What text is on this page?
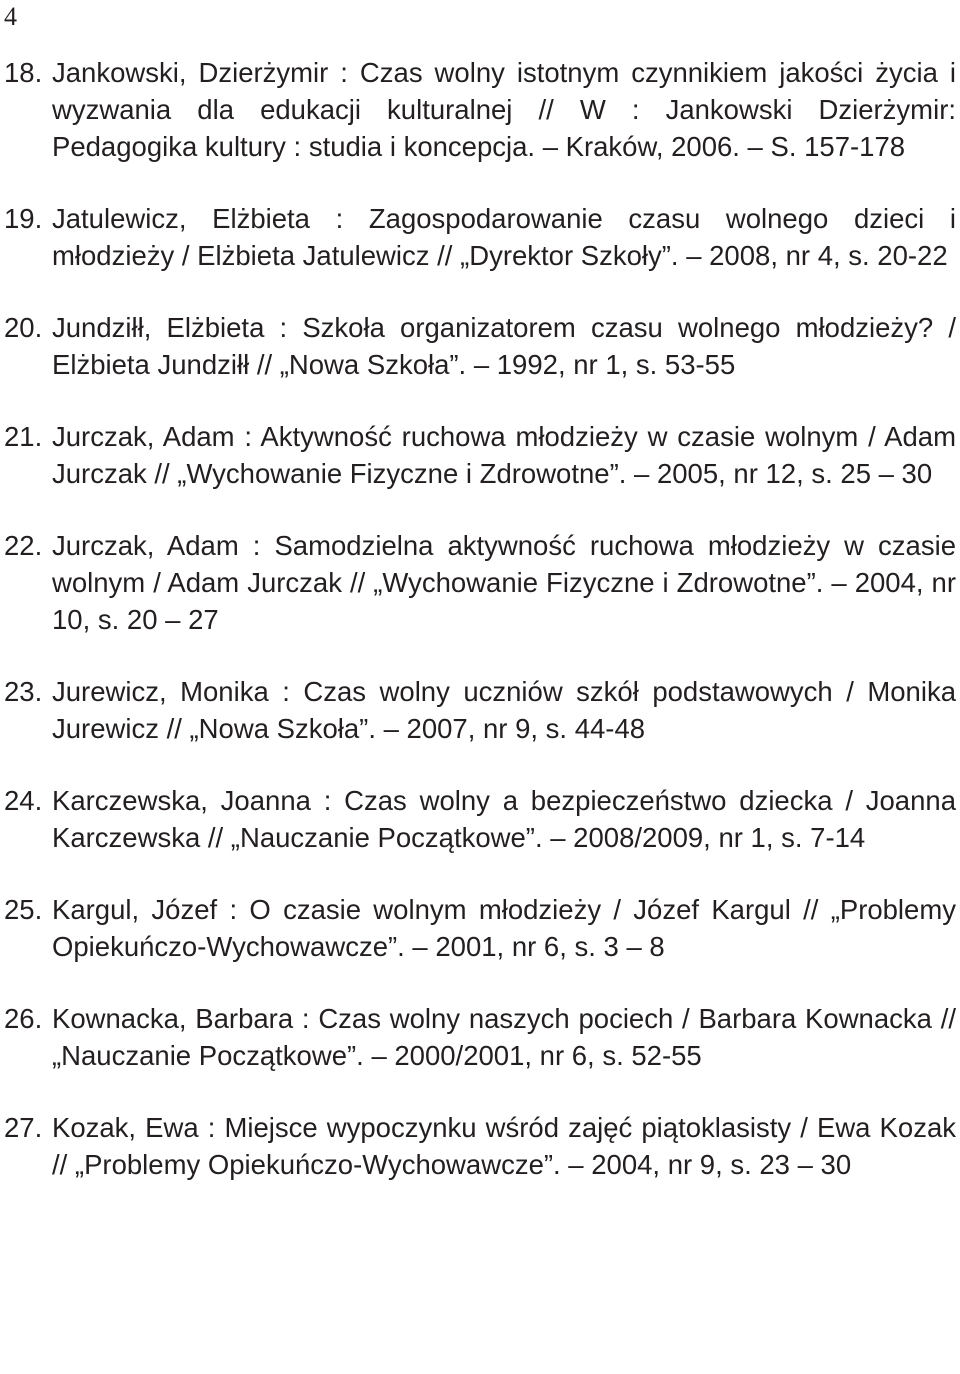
4
18. Jankowski, Dzierżymir : Czas wolny istotnym czynnikiem jakości życia i wyzwania dla edukacji kulturalnej // W : Jankowski Dzierżymir: Pedagogika kultury : studia i koncepcja. – Kraków, 2006. – S. 157-178
19. Jatulewicz, Elżbieta : Zagospodarowanie czasu wolnego dzieci i młodzieży / Elżbieta Jatulewicz // „Dyrektor Szkoły”. – 2008, nr 4, s. 20-22
20. Jundziłł, Elżbieta : Szkoła organizatorem czasu wolnego młodzieży? / Elżbieta Jundziłł // „Nowa Szkoła”. – 1992, nr 1, s. 53-55
21. Jurczak, Adam : Aktywność ruchowa młodzieży w czasie wolnym / Adam Jurczak // „Wychowanie Fizyczne i Zdrowotne”. – 2005, nr 12, s. 25 – 30
22. Jurczak, Adam : Samodzielna aktywność ruchowa młodzieży w czasie wolnym / Adam Jurczak // „Wychowanie Fizyczne i Zdrowotne”. – 2004, nr 10, s. 20 – 27
23. Jurewicz, Monika : Czas wolny uczniów szkół podstawowych / Monika Jurewicz // „Nowa Szkoła”. – 2007, nr 9, s. 44-48
24. Karczewska, Joanna : Czas wolny a bezpieczeństwo dziecka / Joanna Karczewska // „Nauczanie Początkowe”. – 2008/2009, nr 1, s. 7-14
25. Kargul, Józef : O czasie wolnym młodzieży / Józef Kargul // „Problemy Opiekuńczo-Wychowawcze”. – 2001, nr 6, s. 3 – 8
26. Kownacka, Barbara : Czas wolny naszych pociech / Barbara Kownacka // „Nauczanie Początkowe”. – 2000/2001, nr 6, s. 52-55
27. Kozak, Ewa : Miejsce wypoczynku wśród zajęć piątoklasisty / Ewa Kozak // „Problemy Opiekuńczo-Wychowawcze”. – 2004, nr 9, s. 23 – 30
